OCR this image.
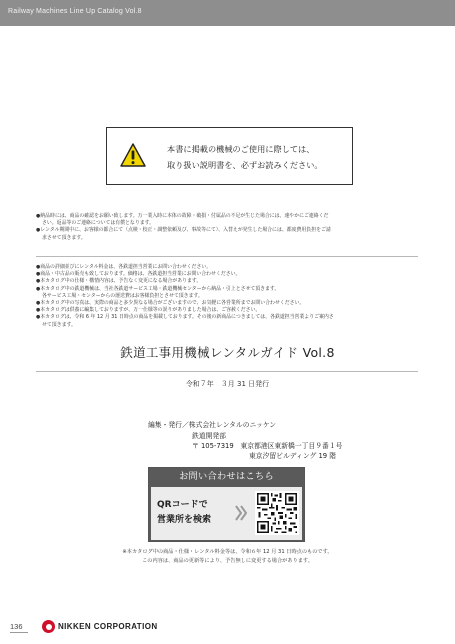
Railway Machines Line Up Catalog Vol.8
本書に掲載の機械のご使用に際しては、
取り扱い説明書を、必ずお読みください。

●納品時には、商品の確認をお願い致します。万一業入時に本体の故障・破損・付属品の不足が生じた場合には、速やかにご連絡くだ

さい。返品等のご連絡については有償となります。

●レンタル期間中に、お客様の都合にて（点検・校正・調整依頼及び、事故等にて）、入替えが発生した場合には、都度費用負担をご請

求させて頂きます。

●商品の詳細並びにレンタル料金は、各鉄道担当営業にお問い合わせください。

●商品・中古品の販売も致しております。価格は、各鉄道担当営業にお問い合わせください。

●本カタログ中の仕様・構情内容は、予告なく変更になる場合があります。

●本カタログ中の鉄道機械は、当社各鉄道サービス工場・鉄道機械センターから納品・引上とさせて頂きます。

各サービス工場・センターからの運送費はお客様負担とさせて頂きます。

●本カタログ中の写真は、実際の商品と多少異なる場合がございますので、お気軽に各営業所までお問い合わせください。

●本カタログは供養に編集しておりますが、万一仕様等の誤りがありました場合は、ご容赦ください。

●本カタログは、令和 6 年 12 月 31 日時点の商品を掲載しております。その後の新商品につきましては、各鉄道担当営業よりご案内さ

せて頂きます。

鉄道工事用機械レンタルガイド Vol.8
令和７年　３月 31 日発行
編集・発行／株式会社レンタルのニッケン
鉄道開発部
〒 105-7319　東京都港区東新橋一丁目９番１号
東京汐留ビルディング 19 階
お問い合わせはこちら
QRコードで
営業所を検索
※本カタログ中の商品・仕様・レンタル料金等は、令和６年 12 月 31 日時点のものです。
この内容は、商品の更新等により、予告無しに変更する場合があります。
136	NIKKEN CORPORATION
